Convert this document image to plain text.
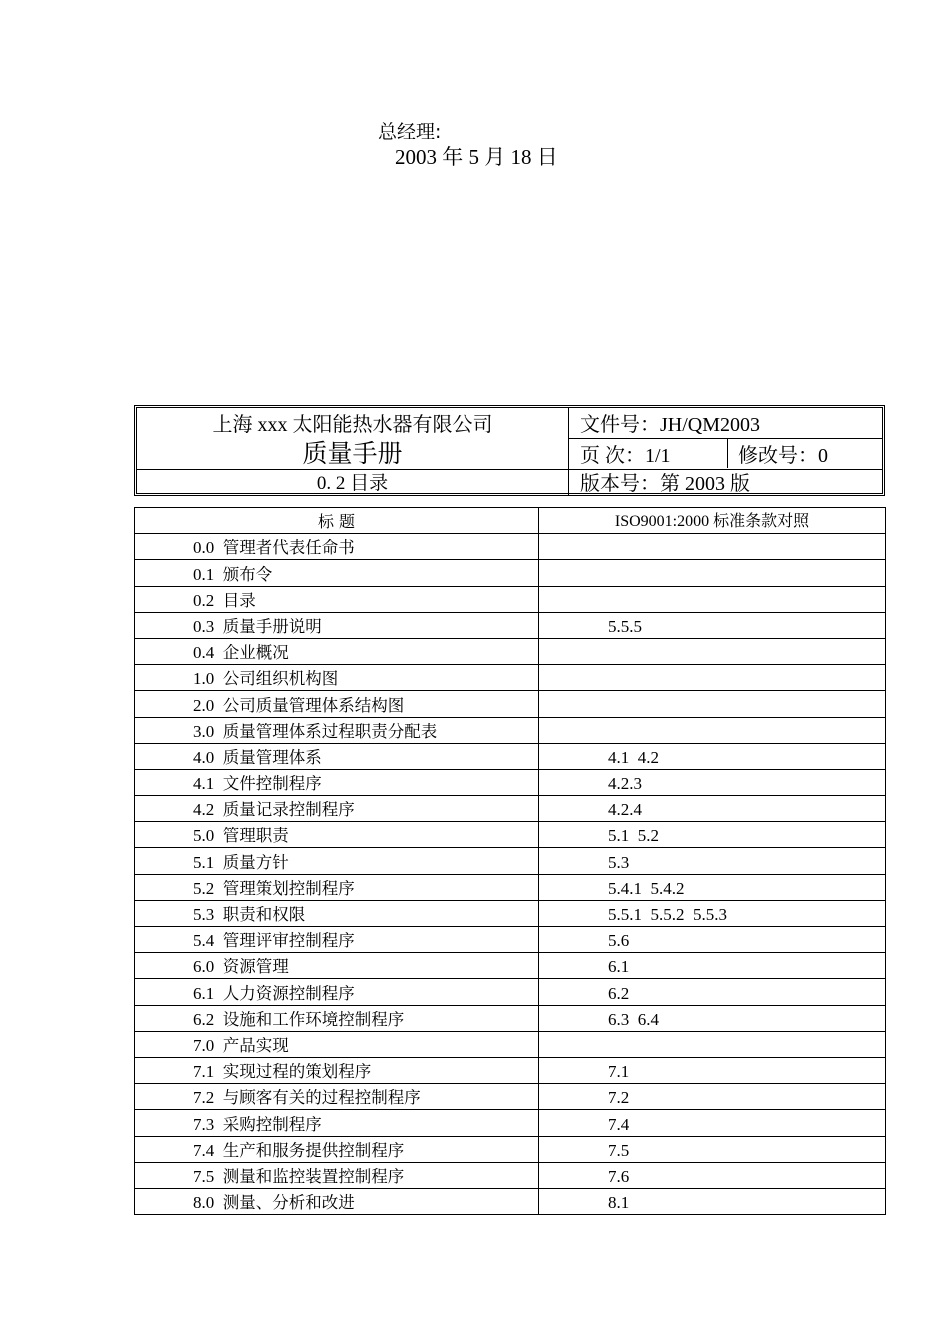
总经理:
2003 年 5 月 18 日
上海 xxx 太阳能热水器有限公司
质量手册
0. 2 目录
文件号：JH/QM2003
页 次：1/1	修改号：0
版本号：第 2003 版
标 题	ISO9001:2000 标准条款对照
0.0 管理者代表任命书	
0.1 颁布令	
0.2 目录	
0.3 质量手册说明	5.5.5
0.4 企业概况	
1.0 公司组织机构图	
2.0 公司质量管理体系结构图	
3.0 质量管理体系过程职责分配表	
4.0 质量管理体系	4.1  4.2
4.1 文件控制程序	4.2.3
4.2 质量记录控制程序	4.2.4
5.0 管理职责	5.1  5.2
5.1 质量方针	5.3
5.2 管理策划控制程序	5.4.1  5.4.2
5.3 职责和权限	5.5.1  5.5.2  5.5.3
5.4 管理评审控制程序	5.6
6.0 资源管理	6.1
6.1 人力资源控制程序	6.2
6.2 设施和工作环境控制程序	6.3  6.4
7.0 产品实现	
7.1 实现过程的策划程序	7.1
7.2 与顾客有关的过程控制程序	7.2
7.3 采购控制程序	7.4
7.4 生产和服务提供控制程序	7.5
7.5 测量和监控装置控制程序	7.6
8.0 测量、分析和改进	8.1
